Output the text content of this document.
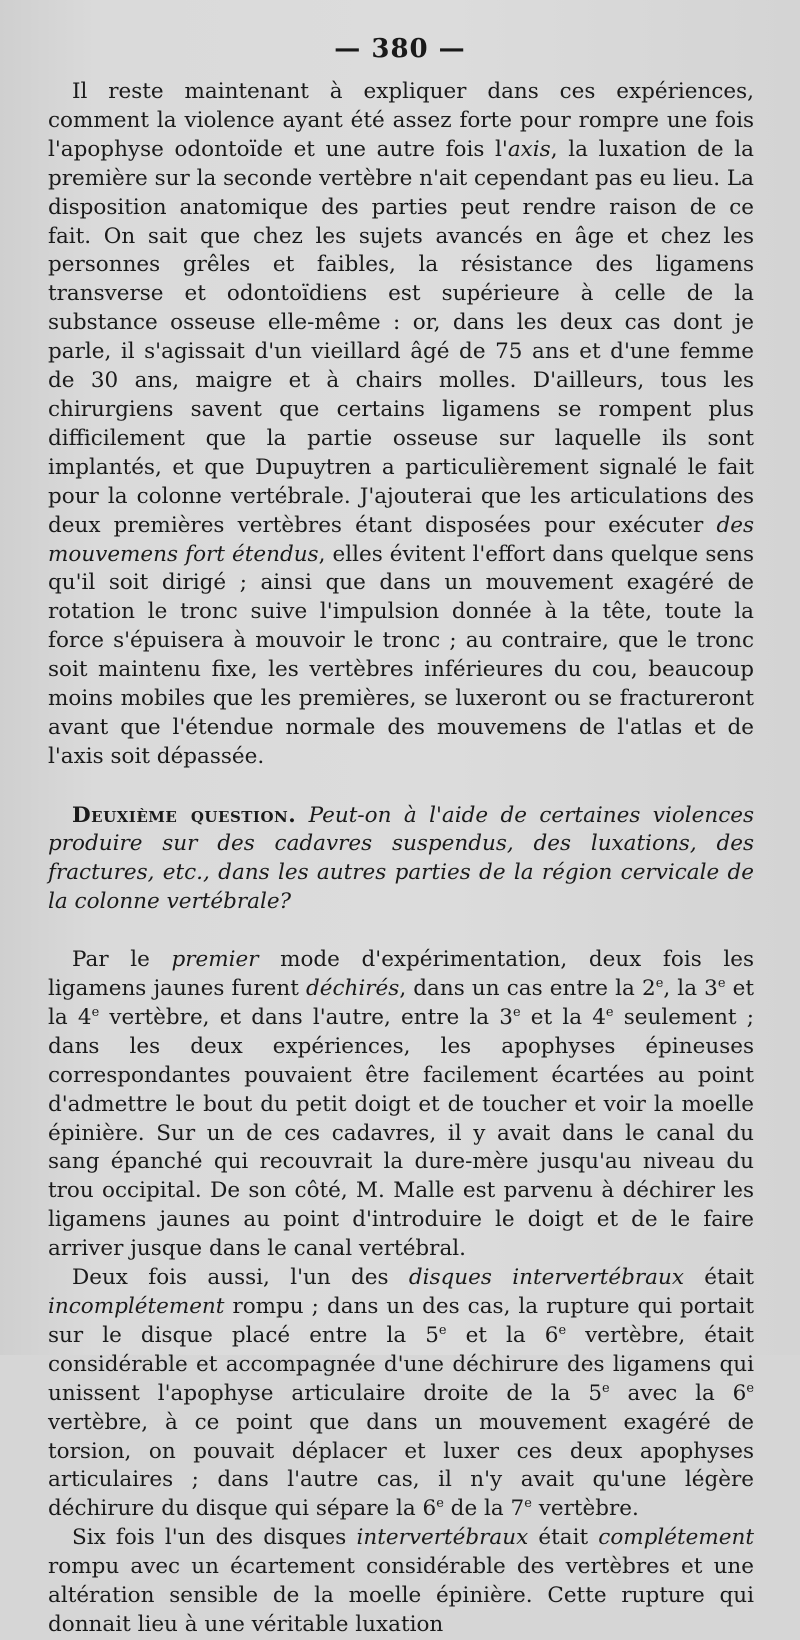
— 380 —

Il reste maintenant à expliquer dans ces expériences, comment la violence ayant été assez forte pour rompre une fois l'apophyse odontoïde et une autre fois l'axis, la luxation de la première sur la seconde vertèbre n'ait cependant pas eu lieu. La disposition anatomique des parties peut rendre raison de ce fait. On sait que chez les sujets avancés en âge et chez les personnes grêles et faibles, la résistance des ligamens transverse et odontoïdiens est supérieure à celle de la substance osseuse elle-même : or, dans les deux cas dont je parle, il s'agissait d'un vieillard âgé de 75 ans et d'une femme de 30 ans, maigre et à chairs molles. D'ailleurs, tous les chirurgiens savent que certains ligamens se rompent plus difficilement que la partie osseuse sur laquelle ils sont implantés, et que Dupuytren a particulièrement signalé le fait pour la colonne vertébrale. J'ajouterai que les articulations des deux premières vertèbres étant disposées pour exécuter des mouvemens fort étendus, elles évitent l'effort dans quelque sens qu'il soit dirigé ; ainsi que dans un mouvement exagéré de rotation le tronc suive l'impulsion donnée à la tête, toute la force s'épuisera à mouvoir le tronc ; au contraire, que le tronc soit maintenu fixe, les vertèbres inférieures du cou, beaucoup moins mobiles que les premières, se luxeront ou se fractureront avant que l'étendue normale des mouvemens de l'atlas et de l'axis soit dépassée.

Deuxième question. Peut-on à l'aide de certaines violences produire sur des cadavres suspendus, des luxations, des fractures, etc., dans les autres parties de la région cervicale de la colonne vertébrale?

Par le premier mode d'expérimentation, deux fois les ligamens jaunes furent déchirés, dans un cas entre la 2e, la 3e et la 4e vertèbre, et dans l'autre, entre la 3e et la 4e seulement ; dans les deux expériences, les apophyses épineuses correspondantes pouvaient être facilement écartées au point d'admettre le bout du petit doigt et de toucher et voir la moelle épinière. Sur un de ces cadavres, il y avait dans le canal du sang épanché qui recouvrait la dure-mère jusqu'au niveau du trou occipital. De son côté, M. Malle est parvenu à déchirer les ligamens jaunes au point d'introduire le doigt et de le faire arriver jusque dans le canal vertébral.

Deux fois aussi, l'un des disques intervertébraux était incomplétement rompu ; dans un des cas, la rupture qui portait sur le disque placé entre la 5e et la 6e vertèbre, était considérable et accompagnée d'une déchirure des ligamens qui unissent l'apophyse articulaire droite de la 5e avec la 6e vertèbre, à ce point que dans un mouvement exagéré de torsion, on pouvait déplacer et luxer ces deux apophyses articulaires ; dans l'autre cas, il n'y avait qu'une légère déchirure du disque qui sépare la 6e de la 7e vertèbre.

Six fois l'un des disques intervertébraux était complétement rompu avec un écartement considérable des vertèbres et une altération sensible de la moelle épinière. Cette rupture qui donnait lieu à une véritable luxation
